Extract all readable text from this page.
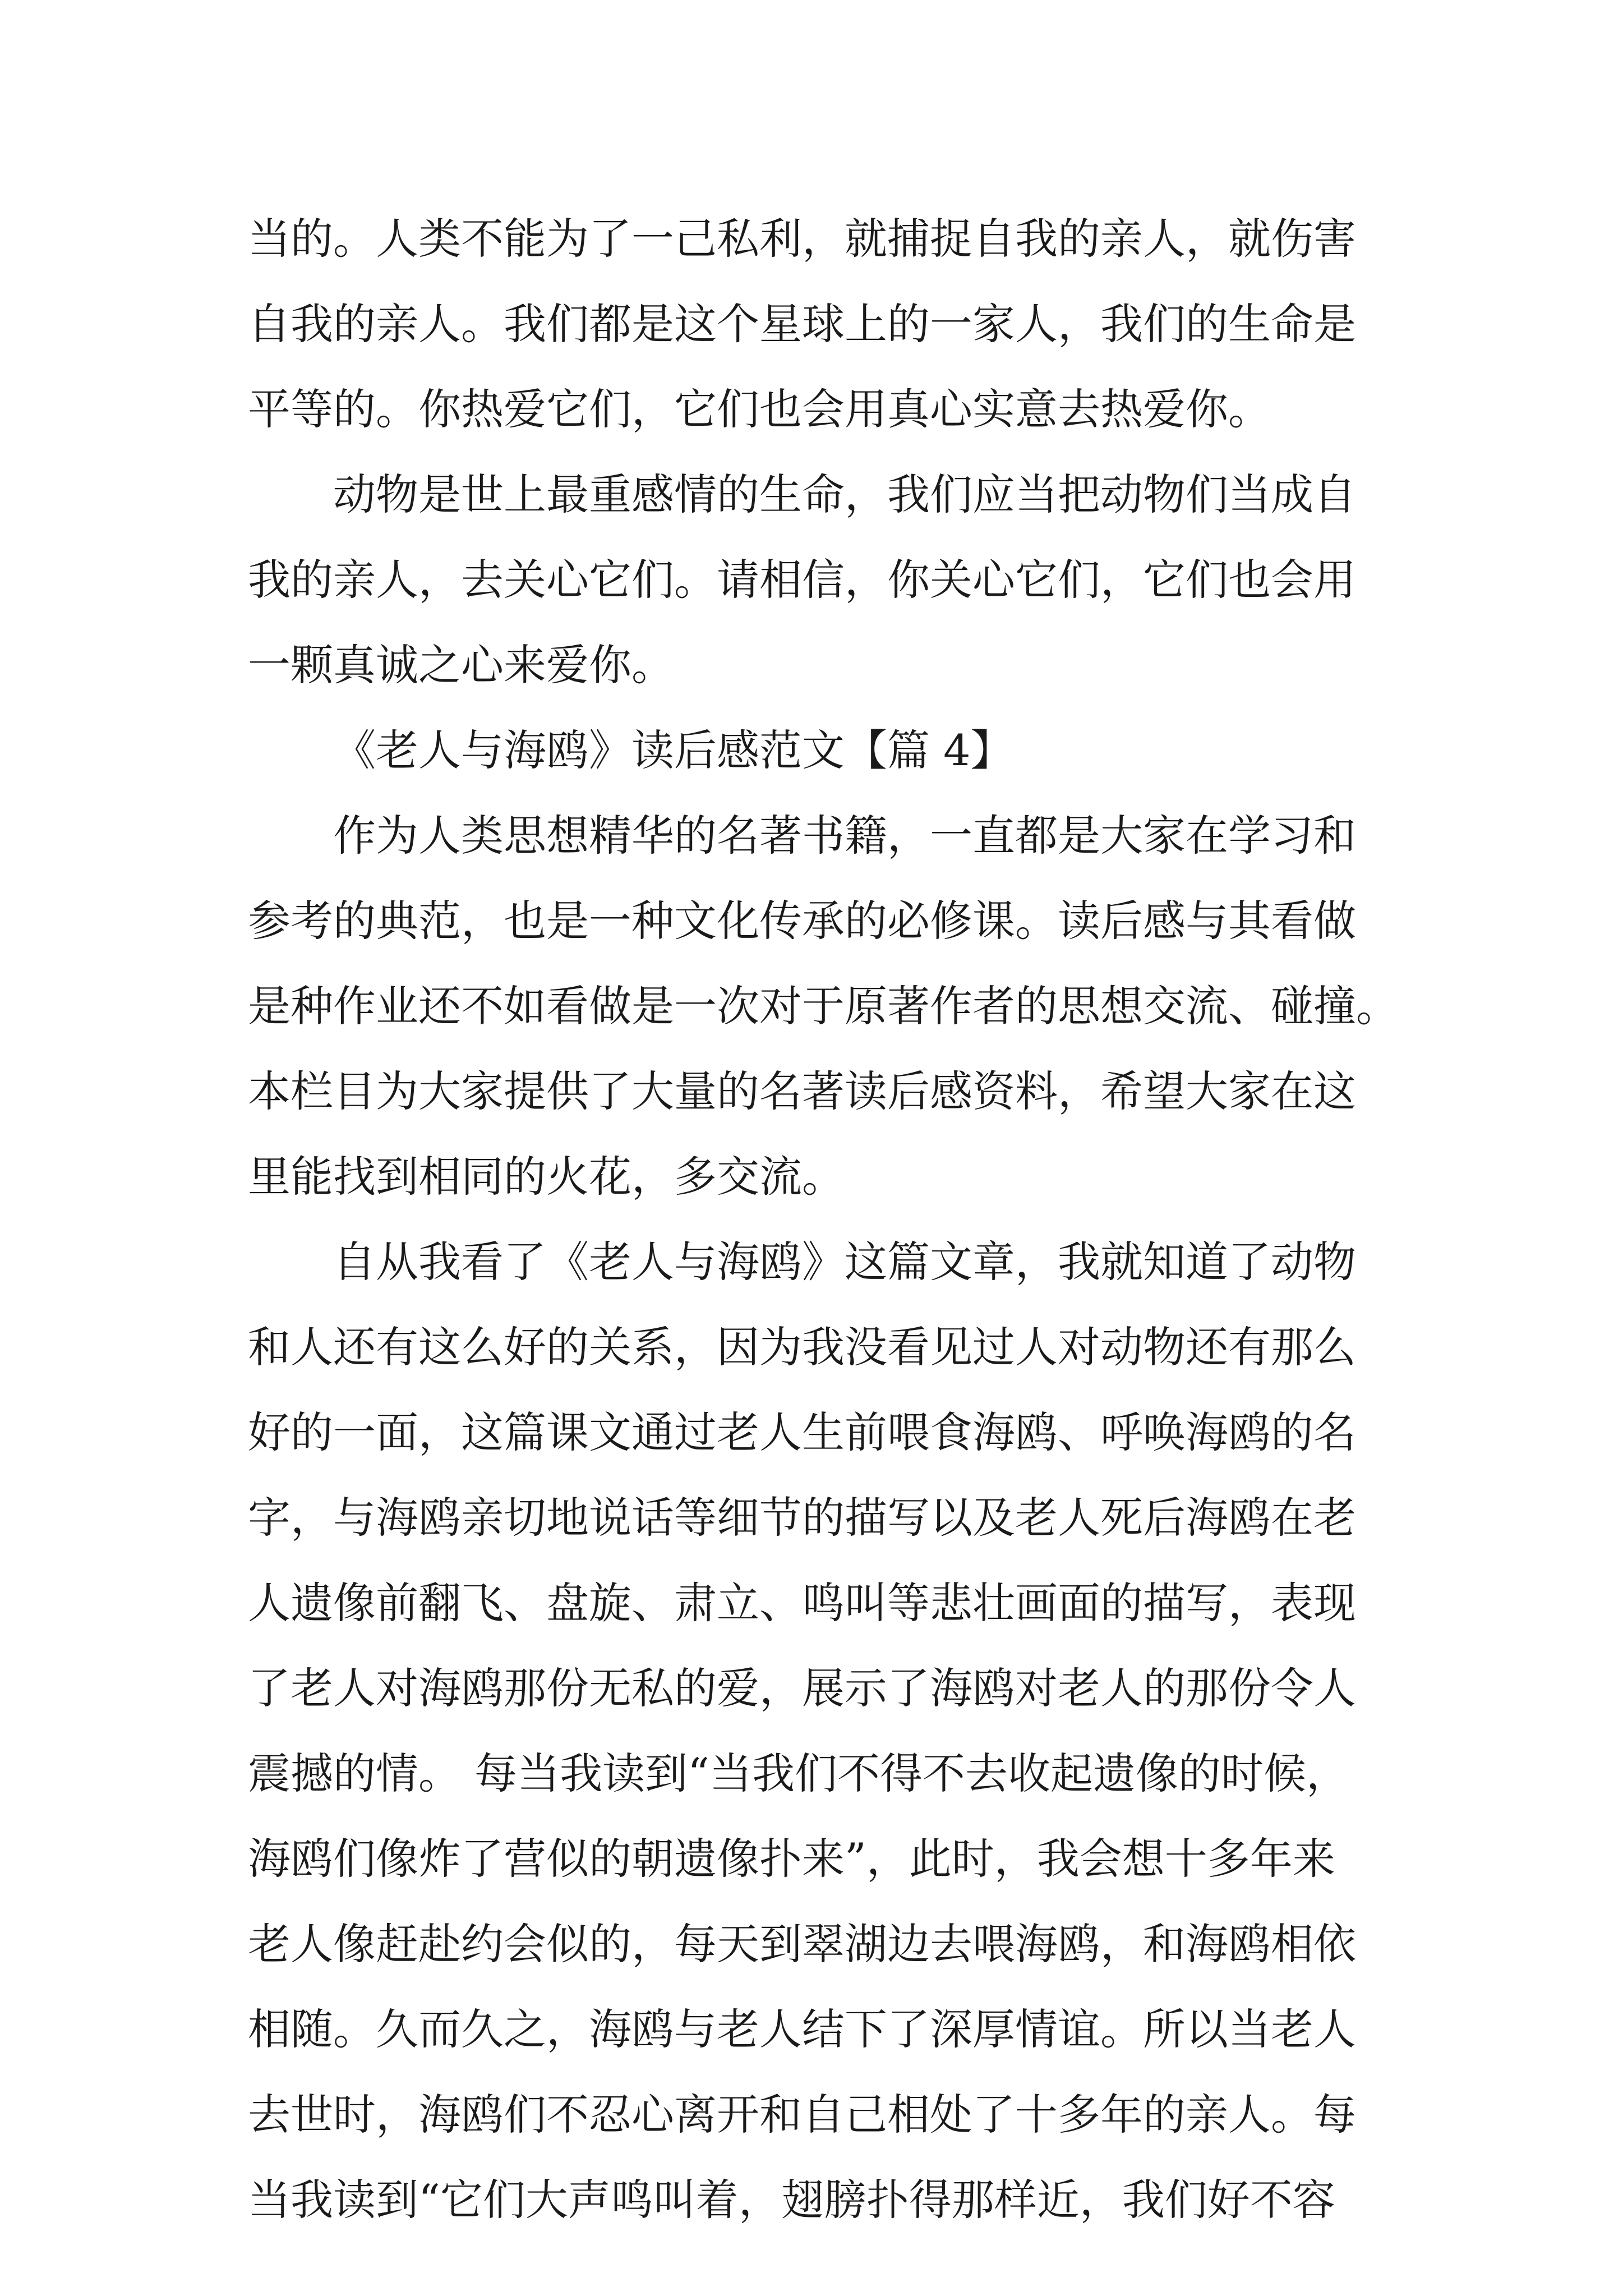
当的。人类不能为了一己私利，就捕捉自我的亲人，就伤害
自我的亲人。我们都是这个星球上的一家人，我们的生命是
平等的。你热爱它们，它们也会用真心实意去热爱你。
动物是世上最重感情的生命，我们应当把动物们当成自
我的亲人，去关心它们。请相信，你关心它们，它们也会用
一颗真诚之心来爱你。
《老人与海鸥》读后感范文【篇 4】
作为人类思想精华的名著书籍，一直都是大家在学习和
参考的典范，也是一种文化传承的必修课。读后感与其看做
是种作业还不如看做是一次对于原著作者的思想交流、碰撞。
本栏目为大家提供了大量的名著读后感资料，希望大家在这
里能找到相同的火花，多交流。
自从我看了《老人与海鸥》这篇文章，我就知道了动物
和人还有这么好的关系，因为我没看见过人对动物还有那么
好的一面，这篇课文通过老人生前喂食海鸥、呼唤海鸥的名
字，与海鸥亲切地说话等细节的描写以及老人死后海鸥在老
人遗像前翻飞、盘旋、肃立、鸣叫等悲壮画面的描写，表现
了老人对海鸥那份无私的爱，展示了海鸥对老人的那份令人
震撼的情。 每当我读到“当我们不得不去收起遗像的时候，
海鸥们像炸了营似的朝遗像扑来”，此时，我会想十多年来
老人像赶赴约会似的，每天到翠湖边去喂海鸥，和海鸥相依
相随。久而久之，海鸥与老人结下了深厚情谊。所以当老人
去世时，海鸥们不忍心离开和自己相处了十多年的亲人。每
当我读到“它们大声鸣叫着，翅膀扑得那样近，我们好不容
